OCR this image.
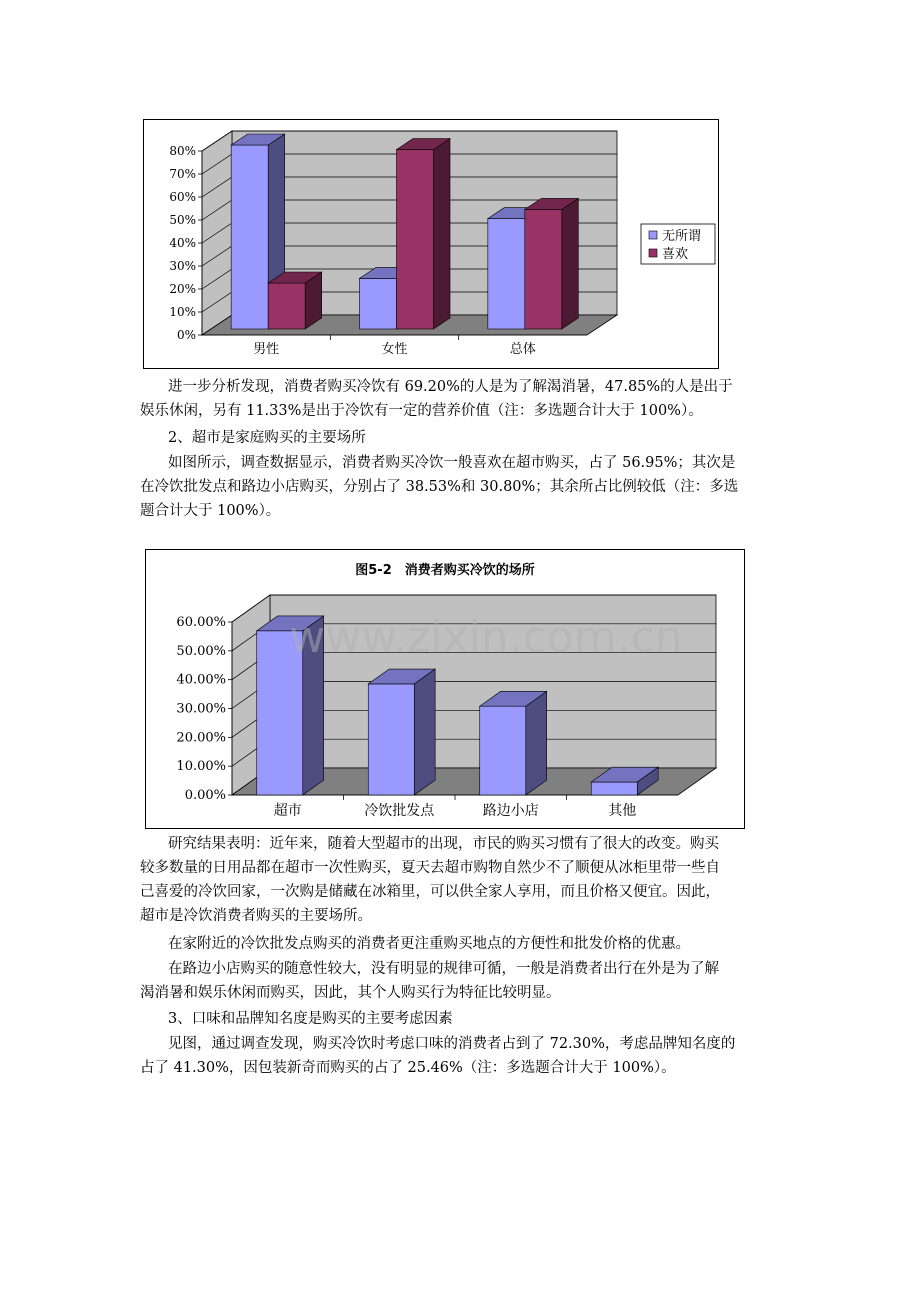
0%
10%
20%
30%
40%
50%
60%
70%
80%
男性	女性	总体
无所谓
喜欢
图5-2　消费者购买冷饮的场所
0.00%
10.00%
20.00%
30.00%
40.00%
50.00%
60.00%
超市	冷饮批发点	路边小店	其他
www.zixin.com.cn
进一步分析发现，消费者购买冷饮有 69.20%的人是为了解渴消暑，47.85%的人是出于
娱乐休闲，另有 11.33%是出于冷饮有一定的营养价值（注：多选题合计大于 100%）。
2、超市是家庭购买的主要场所
如图所示，调查数据显示，消费者购买冷饮一般喜欢在超市购买，占了 56.95%；其次是
在冷饮批发点和路边小店购买，分别占了 38.53%和 30.80%；其余所占比例较低（注：多选
题合计大于 100%）。
研究结果表明：近年来，随着大型超市的出现，市民的购买习惯有了很大的改变。购买
较多数量的日用品都在超市一次性购买，夏天去超市购物自然少不了顺便从冰柜里带一些自
己喜爱的冷饮回家，一次购是储藏在冰箱里，可以供全家人享用，而且价格又便宜。因此，
超市是冷饮消费者购买的主要场所。
在家附近的冷饮批发点购买的消费者更注重购买地点的方便性和批发价格的优惠。
在路边小店购买的随意性较大，没有明显的规律可循，一般是消费者出行在外是为了解
渴消暑和娱乐休闲而购买，因此，其个人购买行为特征比较明显。
3、口味和品牌知名度是购买的主要考虑因素
见图，通过调查发现，购买冷饮时考虑口味的消费者占到了 72.30%，考虑品牌知名度的
占了 41.30%，因包装新奇而购买的占了 25.46%（注：多选题合计大于 100%）。
